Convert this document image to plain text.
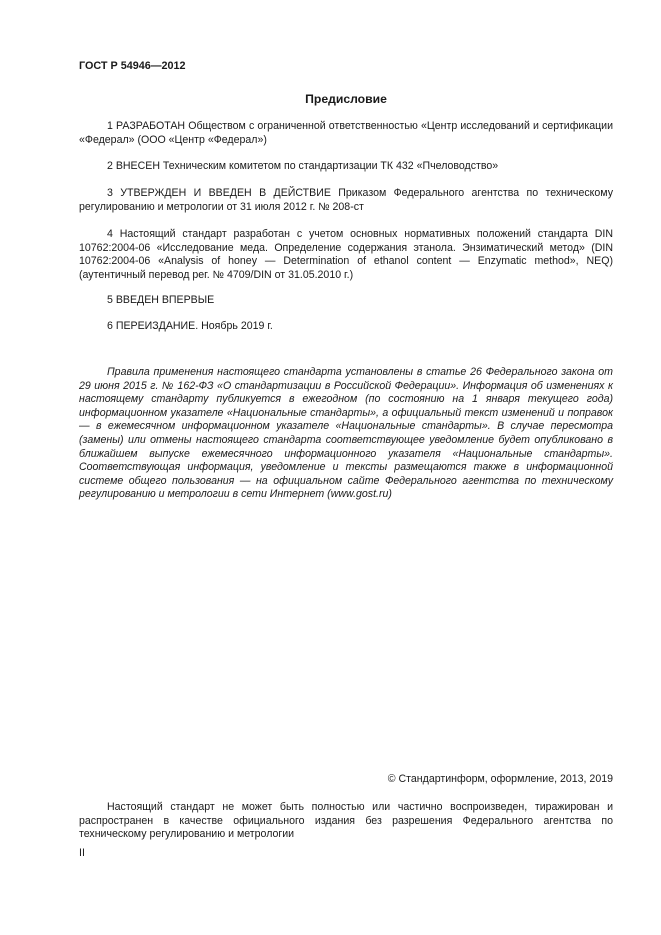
ГОСТ Р 54946—2012
Предисловие

1 РАЗРАБОТАН Обществом с ограниченной ответственностью «Центр исследований и сертификации «Федерал» (ООО «Центр «Федерал»)

2 ВНЕСЕН Техническим комитетом по стандартизации ТК 432 «Пчеловодство»

3 УТВЕРЖДЕН И ВВЕДЕН В ДЕЙСТВИЕ Приказом Федерального агентства по техническому регулированию и метрологии от 31 июля 2012 г. № 208-ст

4 Настоящий стандарт разработан с учетом основных нормативных положений стандарта DIN 10762:2004-06 «Исследование меда. Определение содержания этанола. Энзиматический метод» (DIN 10762:2004-06 «Analysis of honey — Determination of ethanol content — Enzymatic method», NEQ) (аутентичный перевод рег. № 4709/DIN от 31.05.2010 г.)

5 ВВЕДЕН ВПЕРВЫЕ

6 ПЕРЕИЗДАНИЕ. Ноябрь 2019 г.

Правила применения настоящего стандарта установлены в статье 26 Федерального закона от 29 июня 2015 г. № 162-ФЗ «О стандартизации в Российской Федерации». Информация об изменениях к настоящему стандарту публикуется в ежегодном (по состоянию на 1 января текущего года) информационном указателе «Национальные стандарты», а официальный текст изменений и поправок — в ежемесячном информационном указателе «Национальные стандарты». В случае пересмотра (замены) или отмены настоящего стандарта соответствующее уведомление будет опубликовано в ближайшем выпуске ежемесячного информационного указателя «Национальные стандарты». Соответствующая информация, уведомление и тексты размещаются также в информационной системе общего пользования — на официальном сайте Федерального агентства по техническому регулированию и метрологии в сети Интернет (www.gost.ru)
© Стандартинформ, оформление, 2013, 2019
Настоящий стандарт не может быть полностью или частично воспроизведен, тиражирован и распространен в качестве официального издания без разрешения Федерального агентства по техническому регулированию и метрологии
II
